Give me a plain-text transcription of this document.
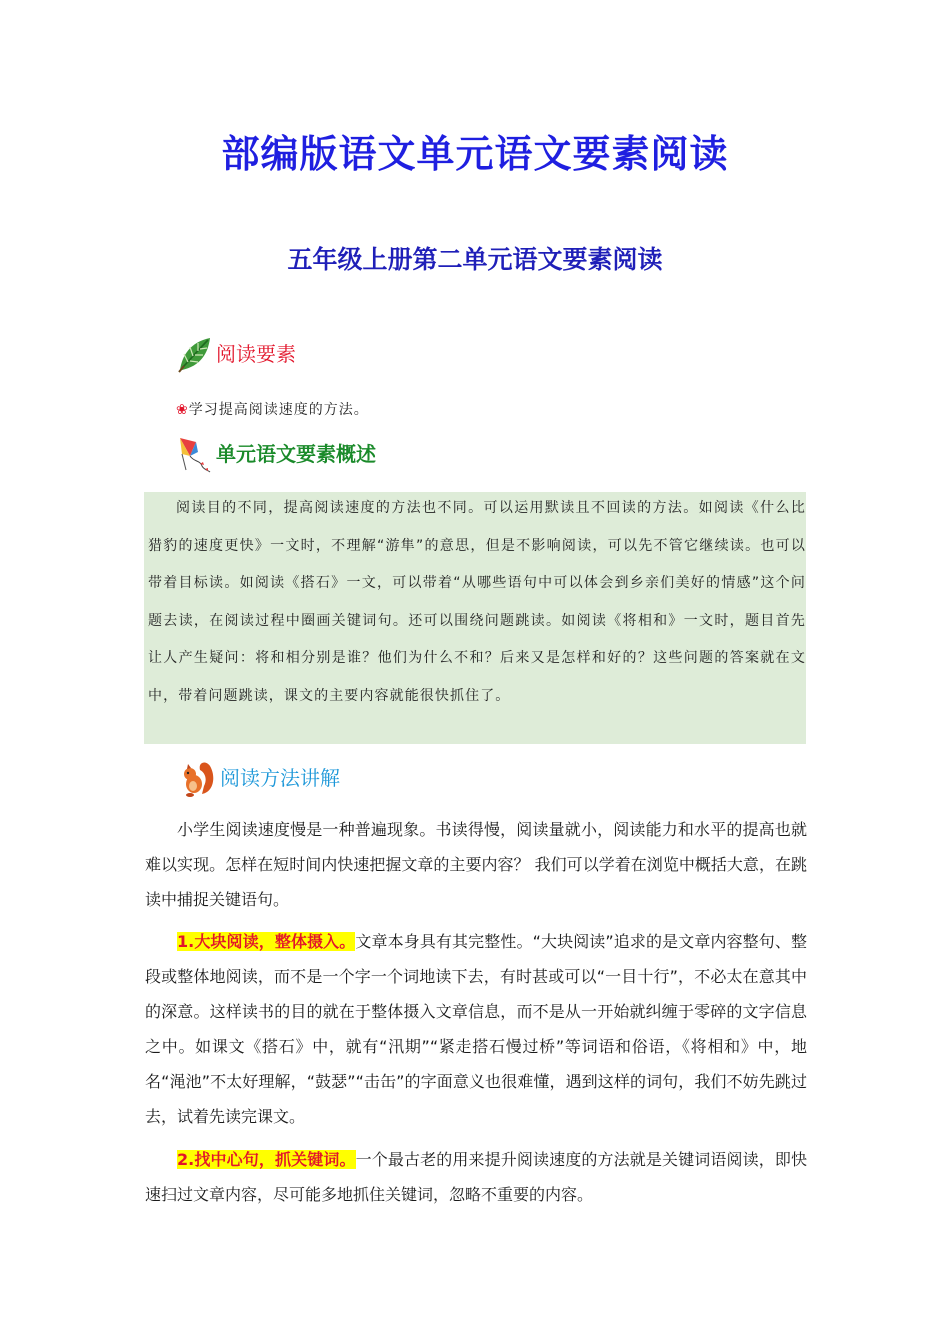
部编版语文单元语文要素阅读
五年级上册第二单元语文要素阅读
阅读要素
❀学习提高阅读速度的方法。
单元语文要素概述

阅读目的不同，提高阅读速度的方法也不同。可以运用默读且不回读的方法。如阅读《什么比猎豹的速度更快》一文时，不理解“游隼”的意思，但是不影响阅读，可以先不管它继续读。也可以带着目标读。如阅读《搭石》一文，可以带着“从哪些语句中可以体会到乡亲们美好的情感”这个问题去读，在阅读过程中圈画关键词句。还可以围绕问题跳读。如阅读《将相和》一文时，题目首先让人产生疑问：将和相分别是谁？他们为什么不和？后来又是怎样和好的？这些问题的答案就在文中，带着问题跳读，课文的主要内容就能很快抓住了。

阅读方法讲解

小学生阅读速度慢是一种普遍现象。书读得慢，阅读量就小，阅读能力和水平的提高也就难以实现。怎样在短时间内快速把握文章的主要内容？ 我们可以学着在浏览中概括大意，在跳读中捕捉关键语句。

1.大块阅读，整体摄入。文章本身具有其完整性。“大块阅读”追求的是文章内容整句、整段或整体地阅读，而不是一个字一个词地读下去，有时甚或可以“一目十行”，不必太在意其中的深意。这样读书的目的就在于整体摄入文章信息，而不是从一开始就纠缠于零碎的文字信息之中。如课文《搭石》中，就有“汛期”“紧走搭石慢过桥”等词语和俗语，《将相和》中，地名“渑池”不太好理解，“鼓瑟”“击缶”的字面意义也很难懂，遇到这样的词句，我们不妨先跳过去，试着先读完课文。

2.找中心句，抓关键词。一个最古老的用来提升阅读速度的方法就是关键词语阅读，即快速扫过文章内容，尽可能多地抓住关键词，忽略不重要的内容。
